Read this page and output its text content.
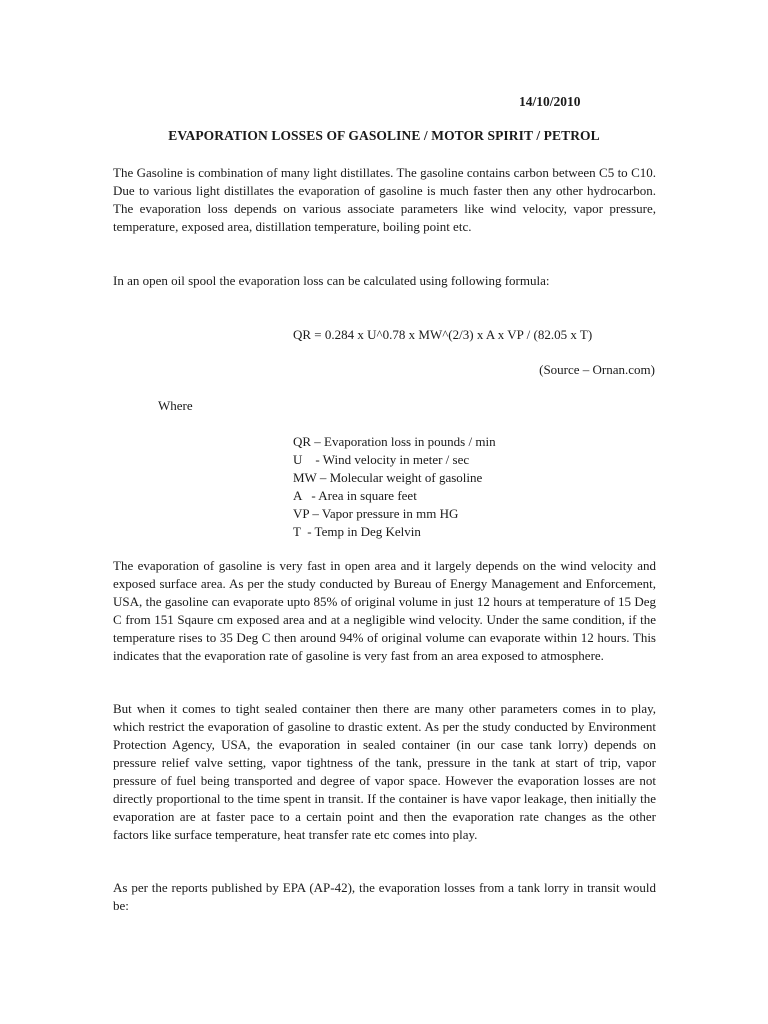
14/10/2010
EVAPORATION LOSSES OF GASOLINE / MOTOR SPIRIT / PETROL

The Gasoline is combination of many light distillates. The gasoline contains carbon between C5 to C10. Due to various light distillates the evaporation of gasoline is much faster then any other hydrocarbon. The evaporation loss depends on various associate parameters like wind velocity, vapor pressure, temperature, exposed area, distillation temperature, boiling point etc.

In an open oil spool the evaporation loss can be calculated using following formula:

QR = 0.284 x U^0.78 x MW^(2/3) x A x VP / (82.05 x T)
(Source – Ornan.com)
Where
QR – Evaporation loss in pounds / min
U    - Wind velocity in meter / sec
MW – Molecular weight of gasoline
A   - Area in square feet
VP – Vapor pressure in mm HG
T  - Temp in Deg Kelvin

The evaporation of gasoline is very fast in open area and it largely depends on the wind velocity and exposed surface area. As per the study conducted by Bureau of Energy Management and Enforcement, USA, the gasoline can evaporate upto 85% of original volume in just 12 hours at temperature of 15 Deg C from 151 Sqaure cm exposed area and at a negligible wind velocity. Under the same condition, if the temperature rises to 35 Deg C then around 94% of original volume can evaporate within 12 hours. This indicates that the evaporation rate of gasoline is very fast from an area exposed to atmosphere.

But when it comes to tight sealed container then there are many other parameters comes in to play, which restrict the evaporation of gasoline to drastic extent. As per the study conducted by Environment Protection Agency, USA, the evaporation in sealed container (in our case tank lorry) depends on pressure relief valve setting, vapor tightness of the tank, pressure in the tank at start of trip, vapor pressure of fuel being transported and degree of vapor space. However the evaporation losses are not directly proportional to the time spent in transit. If the container is have vapor leakage, then initially the evaporation are at faster pace to a certain point and then the evaporation rate changes as the other factors like surface temperature, heat transfer rate etc comes into play.

As per the reports published by EPA (AP-42), the evaporation losses from a tank lorry in transit would be:
